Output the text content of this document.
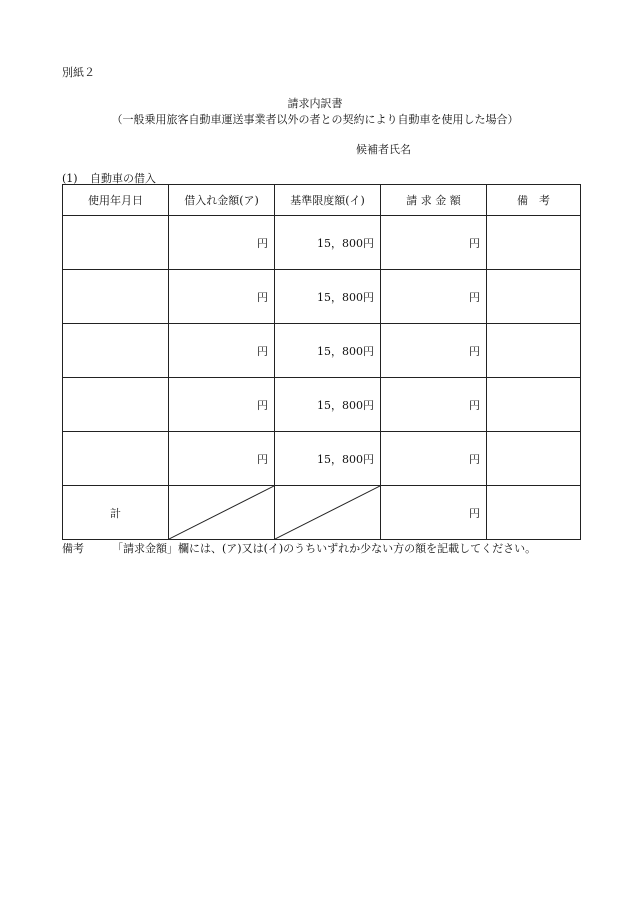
別紙２
請求内訳書
（一般乗用旅客自動車運送事業者以外の者との契約により自動車を使用した場合）
候補者氏名
(1) 自動車の借入
使用年月日	借入れ金額(ア)	基準限度額(イ)	請 求 金 額	備　考
	円	15，800円	円	
	円	15，800円	円	
	円	15，800円	円	
	円	15，800円	円	
	円	15，800円	円	
計			円	
備考	「請求金額」欄には、(ア)又は(イ)のうちいずれか少ない方の額を記載してください。
